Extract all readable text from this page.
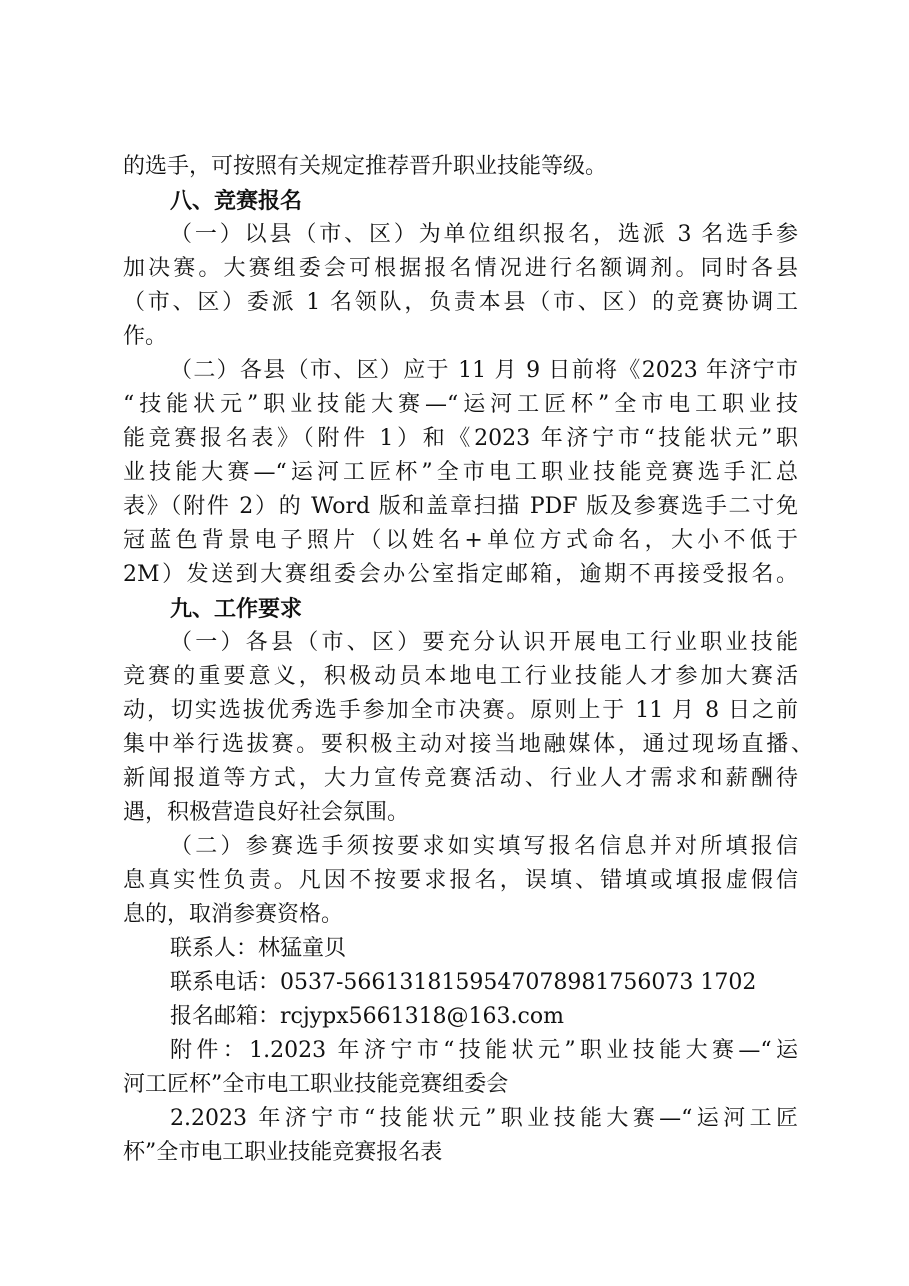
的选手，可按照有关规定推荐晋升职业技能等级。
八、竞赛报名
（一）以县（市、区）为单位组织报名，选派 3 名选手参
加决赛。大赛组委会可根据报名情况进行名额调剂。同时各县
（市、区）委派 1 名领队，负责本县（市、区）的竞赛协调工
作。
（二）各县（市、区）应于 11 月 9 日前将《2023 年济宁市
“技能状元”职业技能大赛—“运河工匠杯”全市电工职业技
能竞赛报名表》（附件 1）和《2023 年济宁市“技能状元”职
业技能大赛—“运河工匠杯”全市电工职业技能竞赛选手汇总
表》（附件 2）的 Word 版和盖章扫描 PDF 版及参赛选手二寸免
冠蓝色背景电子照片（以姓名+单位方式命名，大小不低于
2M）发送到大赛组委会办公室指定邮箱，逾期不再接受报名。
九、工作要求
（一）各县（市、区）要充分认识开展电工行业职业技能
竞赛的重要意义，积极动员本地电工行业技能人才参加大赛活
动，切实选拔优秀选手参加全市决赛。原则上于 11 月 8 日之前
集中举行选拔赛。要积极主动对接当地融媒体，通过现场直播、
新闻报道等方式，大力宣传竞赛活动、行业人才需求和薪酬待
遇，积极营造良好社会氛围。
（二）参赛选手须按要求如实填写报名信息并对所填报信
息真实性负责。凡因不按要求报名，误填、错填或填报虚假信
息的，取消参赛资格。
联系人：林猛童贝
联系电话：0537-5661318159547078981756073 1702
报名邮箱：rcjypx5661318@163.com
附件：1.2023 年济宁市“技能状元”职业技能大赛—“运
河工匠杯”全市电工职业技能竞赛组委会
2.2023 年济宁市“技能状元”职业技能大赛—“运河工匠
杯”全市电工职业技能竞赛报名表
